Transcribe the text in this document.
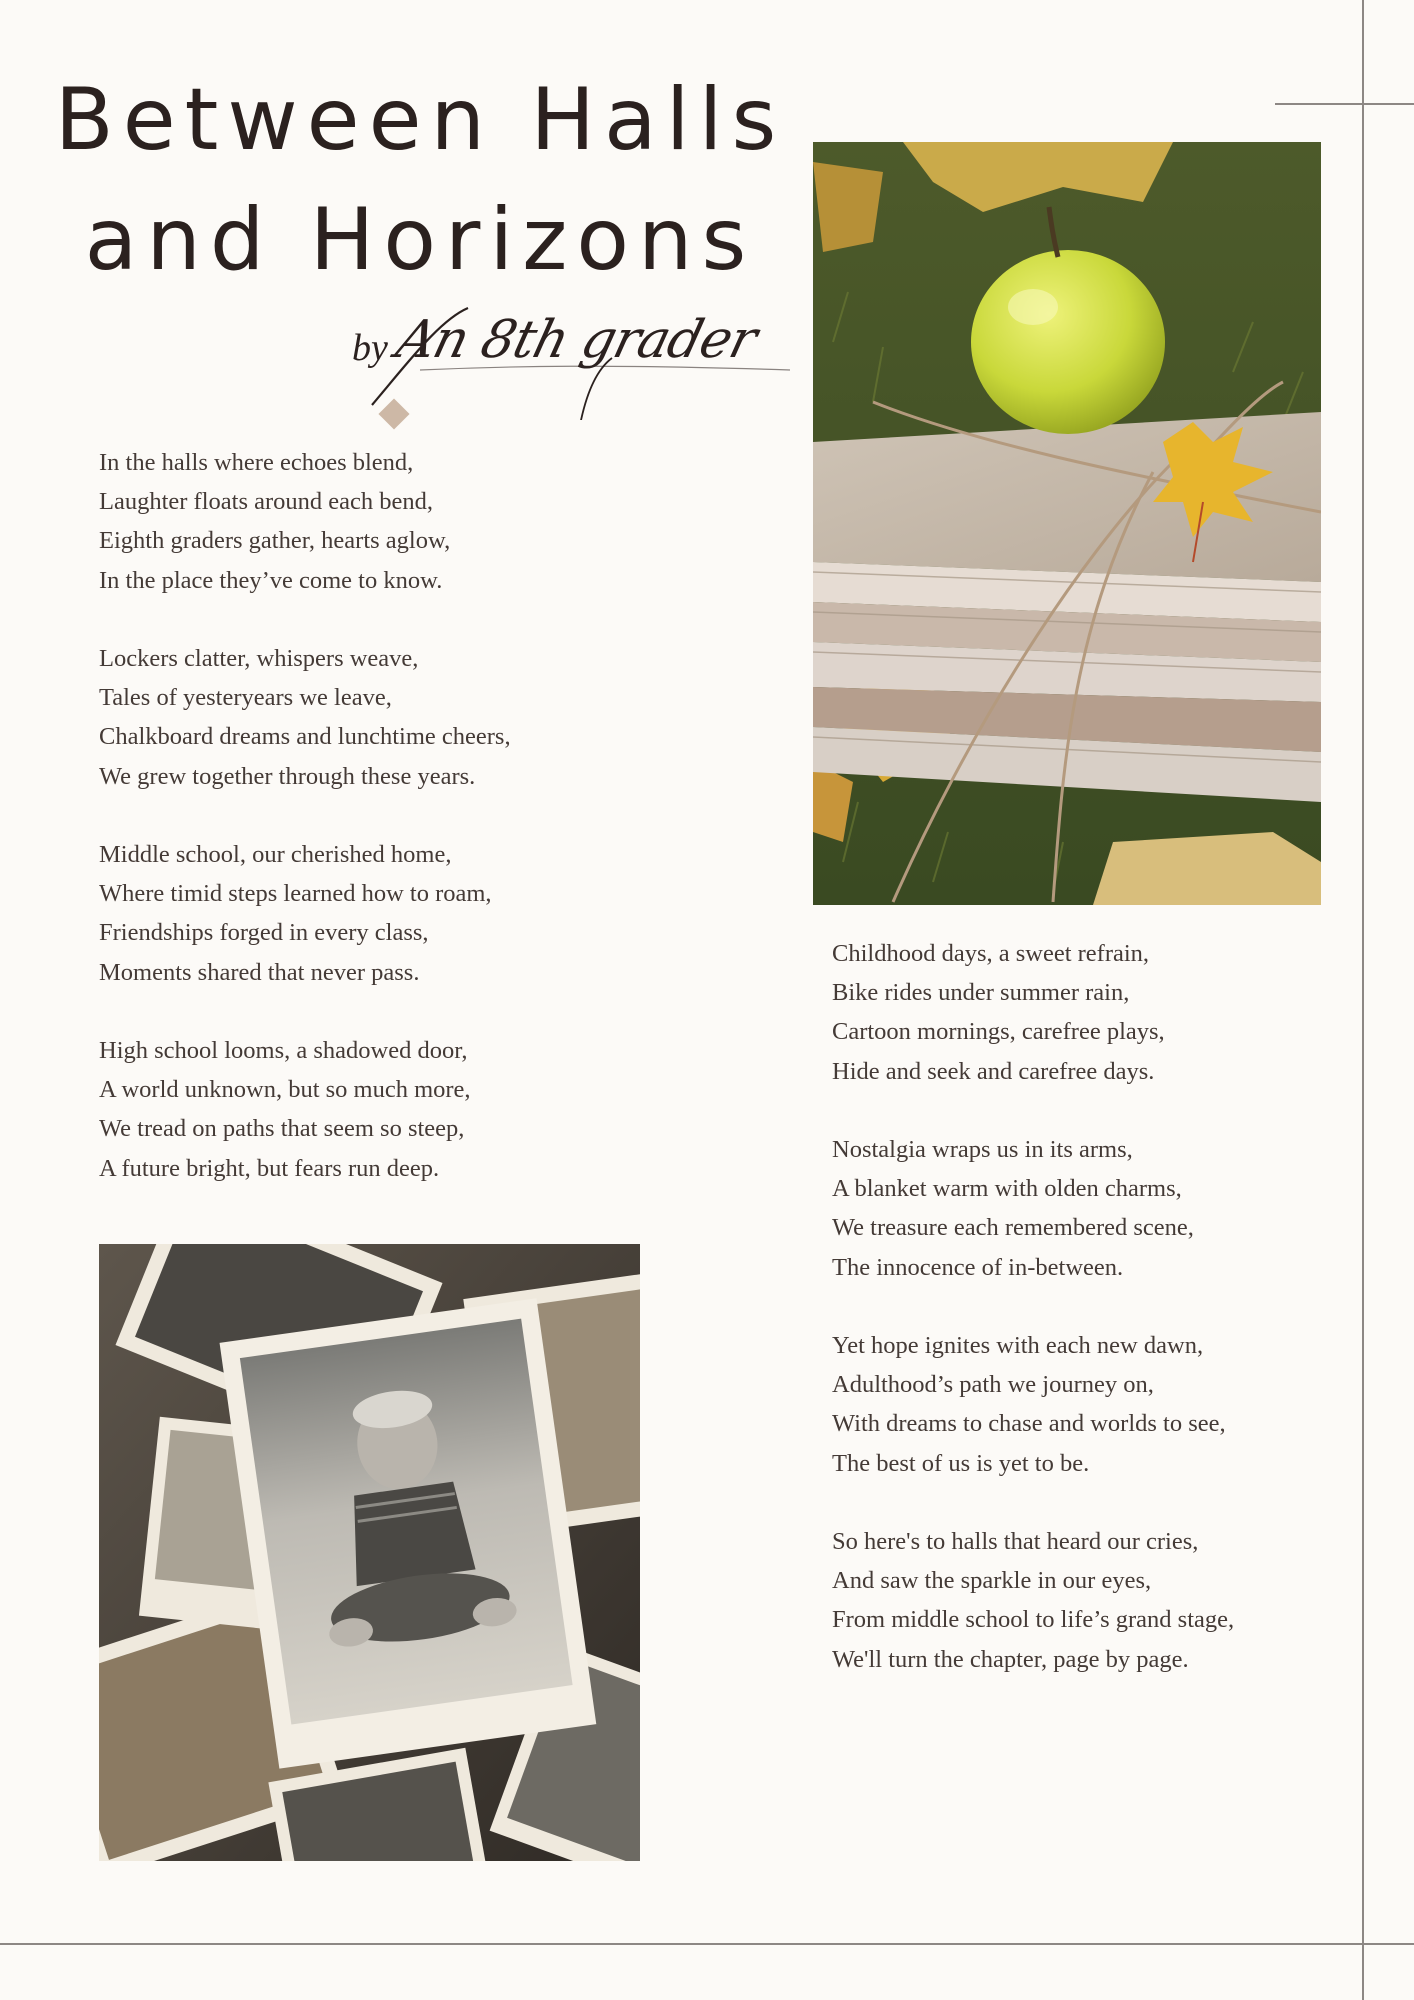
Between Halls
and Horizons
by An 8th grader
In the halls where echoes blend,
Laughter floats around each bend,
Eighth graders gather, hearts aglow,
In the place they’ve come to know.
Lockers clatter, whispers weave,
Tales of yesteryears we leave,
Chalkboard dreams and lunchtime cheers,
We grew together through these years.
Middle school, our cherished home,
Where timid steps learned how to roam,
Friendships forged in every class,
Moments shared that never pass.
High school looms, a shadowed door,
A world unknown, but so much more,
We tread on paths that seem so steep,
A future bright, but fears run deep.
Childhood days, a sweet refrain,
Bike rides under summer rain,
Cartoon mornings, carefree plays,
Hide and seek and carefree days.
Nostalgia wraps us in its arms,
A blanket warm with olden charms,
We treasure each remembered scene,
The innocence of in-between.
Yet hope ignites with each new dawn,
Adulthood’s path we journey on,
With dreams to chase and worlds to see,
The best of us is yet to be.
So here's to halls that heard our cries,
And saw the sparkle in our eyes,
From middle school to life’s grand stage,
We'll turn the chapter, page by page.
